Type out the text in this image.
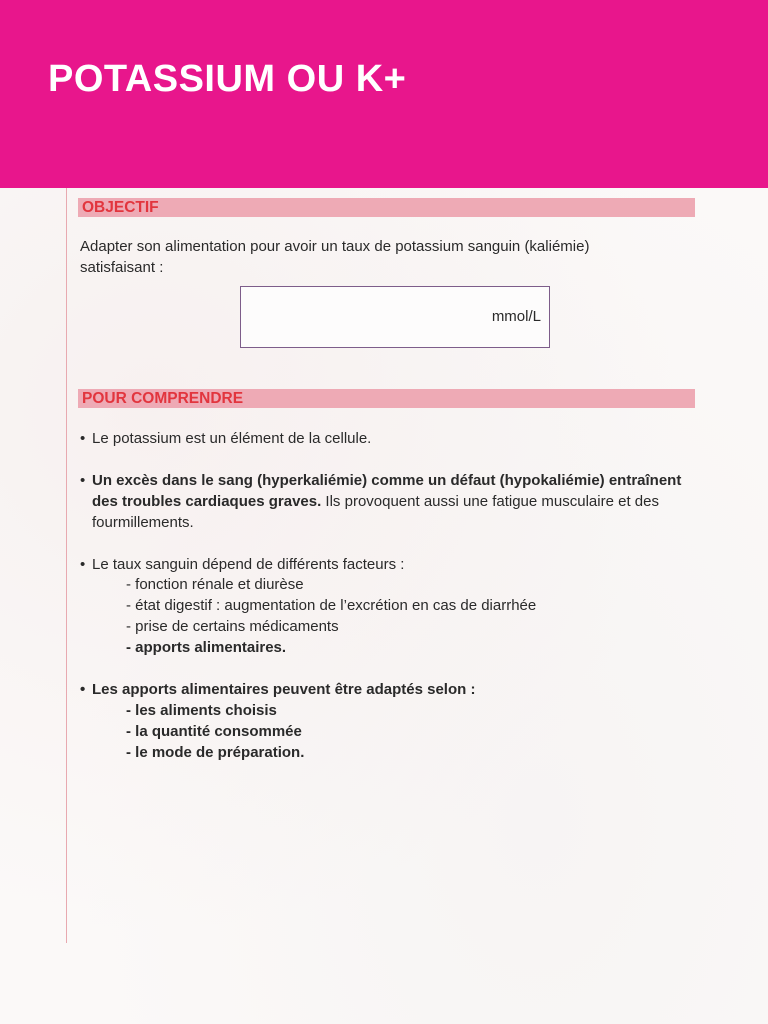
POTASSIUM OU K+
OBJECTIF
Adapter son alimentation pour avoir un taux de potassium sanguin (kaliémie)
satisfaisant :
mmol/L
POUR COMPRENDRE
• Le potassium est un élément de la cellule.
• Un excès dans le sang (hyperkaliémie) comme un défaut (hypokaliémie) entraînent
des troubles cardiaques graves. Ils provoquent aussi une fatigue musculaire et des
fourmillements.
• Le taux sanguin dépend de différents facteurs :
- fonction rénale et diurèse
- état digestif : augmentation de l’excrétion en cas de diarrhée
- prise de certains médicaments
- apports alimentaires.
• Les apports alimentaires peuvent être adaptés selon :
- les aliments choisis
- la quantité consommée
- le mode de préparation.
